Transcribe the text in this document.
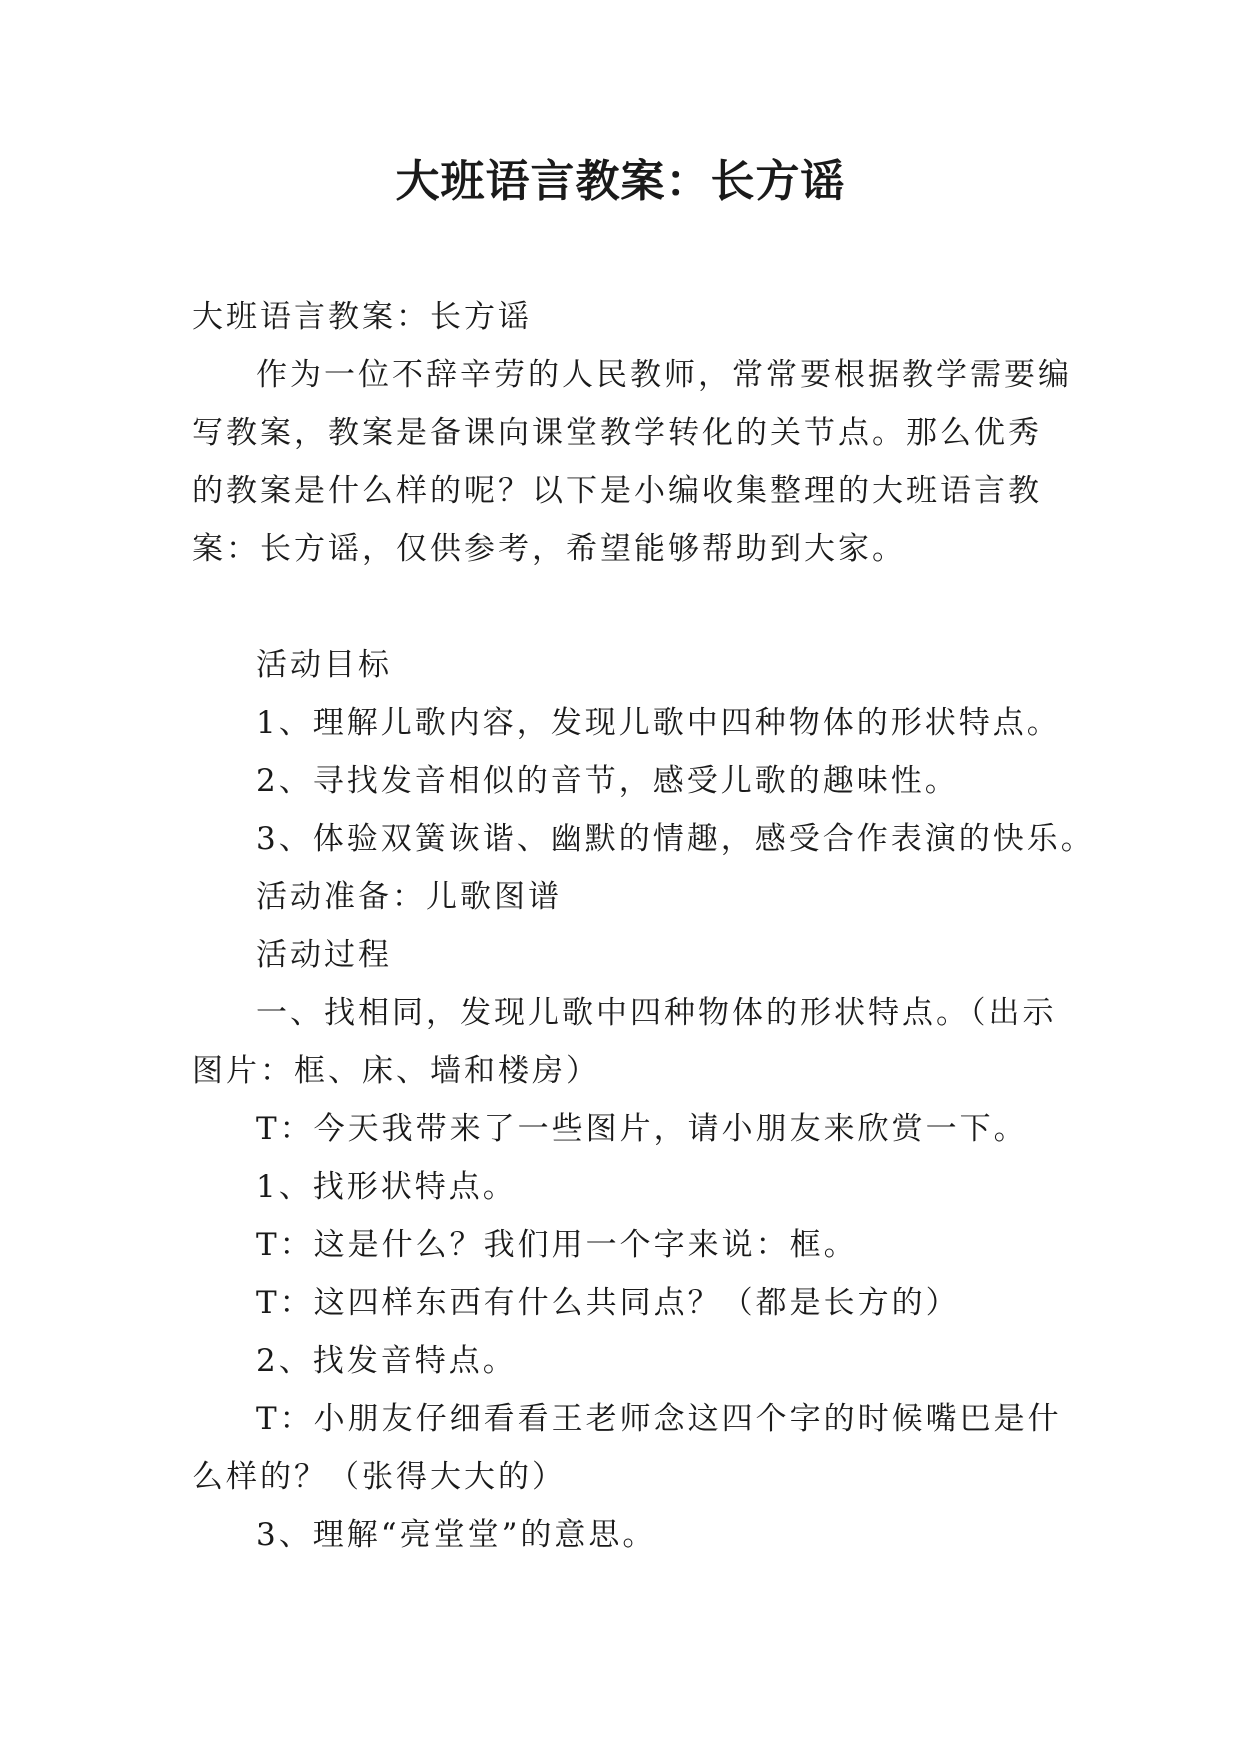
大班语言教案：长方谣

大班语言教案：长方谣

作为一位不辞辛劳的人民教师，常常要根据教学需要编写教案，教案是备课向课堂教学转化的关节点。那么优秀的教案是什么样的呢？以下是小编收集整理的大班语言教案：长方谣，仅供参考，希望能够帮助到大家。

活动目标

1、理解儿歌内容，发现儿歌中四种物体的形状特点。

2、寻找发音相似的音节，感受儿歌的趣味性。

3、体验双簧诙谐、幽默的情趣，感受合作表演的快乐。

活动准备：儿歌图谱

活动过程

一、找相同，发现儿歌中四种物体的形状特点。（出示图片：框、床、墙和楼房）

T：今天我带来了一些图片，请小朋友来欣赏一下。

1、找形状特点。

T：这是什么？我们用一个字来说：框。

T：这四样东西有什么共同点？（都是长方的）

2、找发音特点。

T：小朋友仔细看看王老师念这四个字的时候嘴巴是什么样的？（张得大大的）

3、理解“亮堂堂”的意思。
